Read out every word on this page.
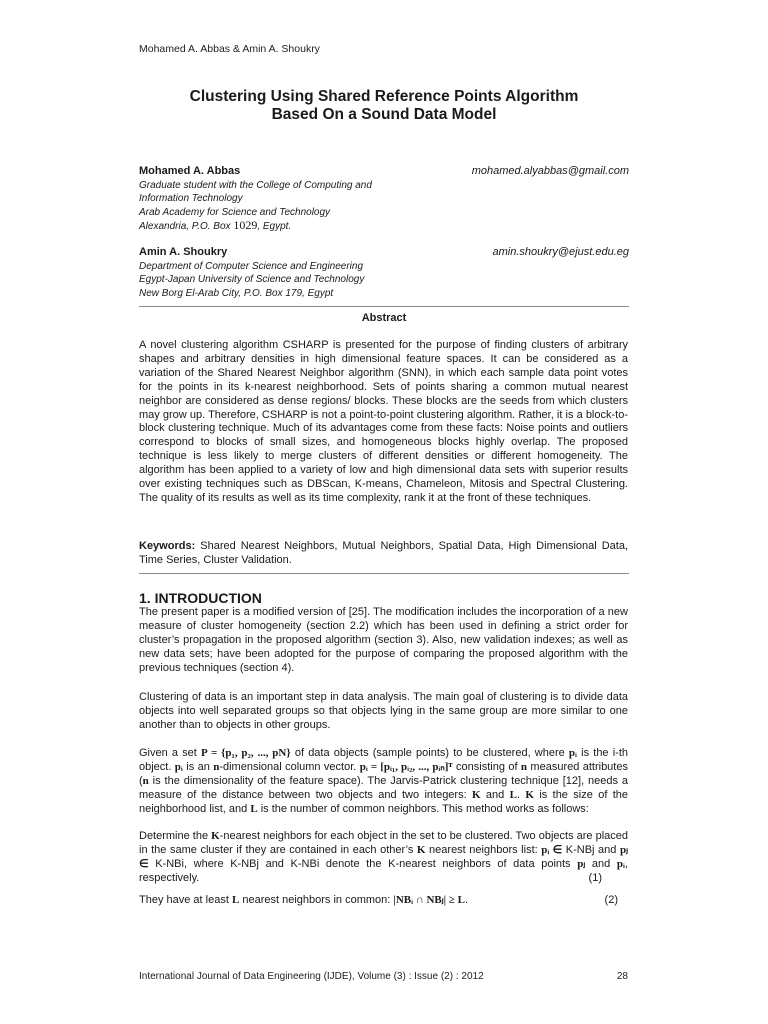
Mohamed A. Abbas & Amin A. Shoukry
Clustering Using Shared Reference Points Algorithm
Based On a Sound Data Model
Mohamed A. Abbas	mohamed.alyabbas@gmail.com
Graduate student with the College of Computing and
Information Technology
Arab Academy for Science and Technology
Alexandria, P.O. Box 1029, Egypt.
Amin A. Shoukry	amin.shoukry@ejust.edu.eg
Department of Computer Science and Engineering
Egypt-Japan University of Science and Technology
New Borg El-Arab City, P.O. Box 179, Egypt
Abstract

A novel clustering algorithm CSHARP is presented for the purpose of finding clusters of arbitrary shapes and arbitrary densities in high dimensional feature spaces. It can be considered as a variation of the Shared Nearest Neighbor algorithm (SNN), in which each sample data point votes for the points in its k-nearest neighborhood. Sets of points sharing a common mutual nearest neighbor are considered as dense regions/ blocks. These blocks are the seeds from which clusters may grow up. Therefore, CSHARP is not a point-to-point clustering algorithm. Rather, it is a block-to-block clustering technique. Much of its advantages come from these facts: Noise points and outliers correspond to blocks of small sizes, and homogeneous blocks highly overlap. The proposed technique is less likely to merge clusters of different densities or different homogeneity. The algorithm has been applied to a variety of low and high dimensional data sets with superior results over existing techniques such as DBScan, K-means, Chameleon, Mitosis and Spectral Clustering. The quality of its results as well as its time complexity, rank it at the front of these techniques.

Keywords: Shared Nearest Neighbors, Mutual Neighbors, Spatial Data, High Dimensional Data, Time Series, Cluster Validation.

1. INTRODUCTION

The present paper is a modified version of [25]. The modification includes the incorporation of a new measure of cluster homogeneity (section 2.2) which has been used in defining a strict order for cluster’s propagation in the proposed algorithm (section 3). Also, new validation indexes; as well as new data sets; have been adopted for the purpose of comparing the proposed algorithm with the previous techniques (section 4).

Clustering of data is an important step in data analysis. The main goal of clustering is to divide data objects into well separated groups so that objects lying in the same group are more similar to one another than to objects in other groups.

Given a set P = {p₁, p₂, ..., pN} of data objects (sample points) to be clustered, where pᵢ is the i-th object. pᵢ is an n-dimensional column vector. pᵢ = [pᵢ₁, pᵢ₂, ..., pᵢₙ]ᵀ consisting of n measured attributes (n is the dimensionality of the feature space). The Jarvis-Patrick clustering technique [12], needs a measure of the distance between two objects and two integers: K and L. K is the size of the neighborhood list, and L is the number of common neighbors. This method works as follows:

Determine the K-nearest neighbors for each object in the set to be clustered. Two objects are placed in the same cluster if they are contained in each other’s K nearest neighbors list: pᵢ ∈ K-NBj and pⱼ ∈ K-NBi, where K-NBj and K-NBi denote the K-nearest neighbors of data points pⱼ and pᵢ, respectively.	(1)

They have at least L nearest neighbors in common: |NBᵢ ∩ NBⱼ| ≥ L.	(2)

International Journal of Data Engineering (IJDE), Volume (3) : Issue (2) : 2012	28
